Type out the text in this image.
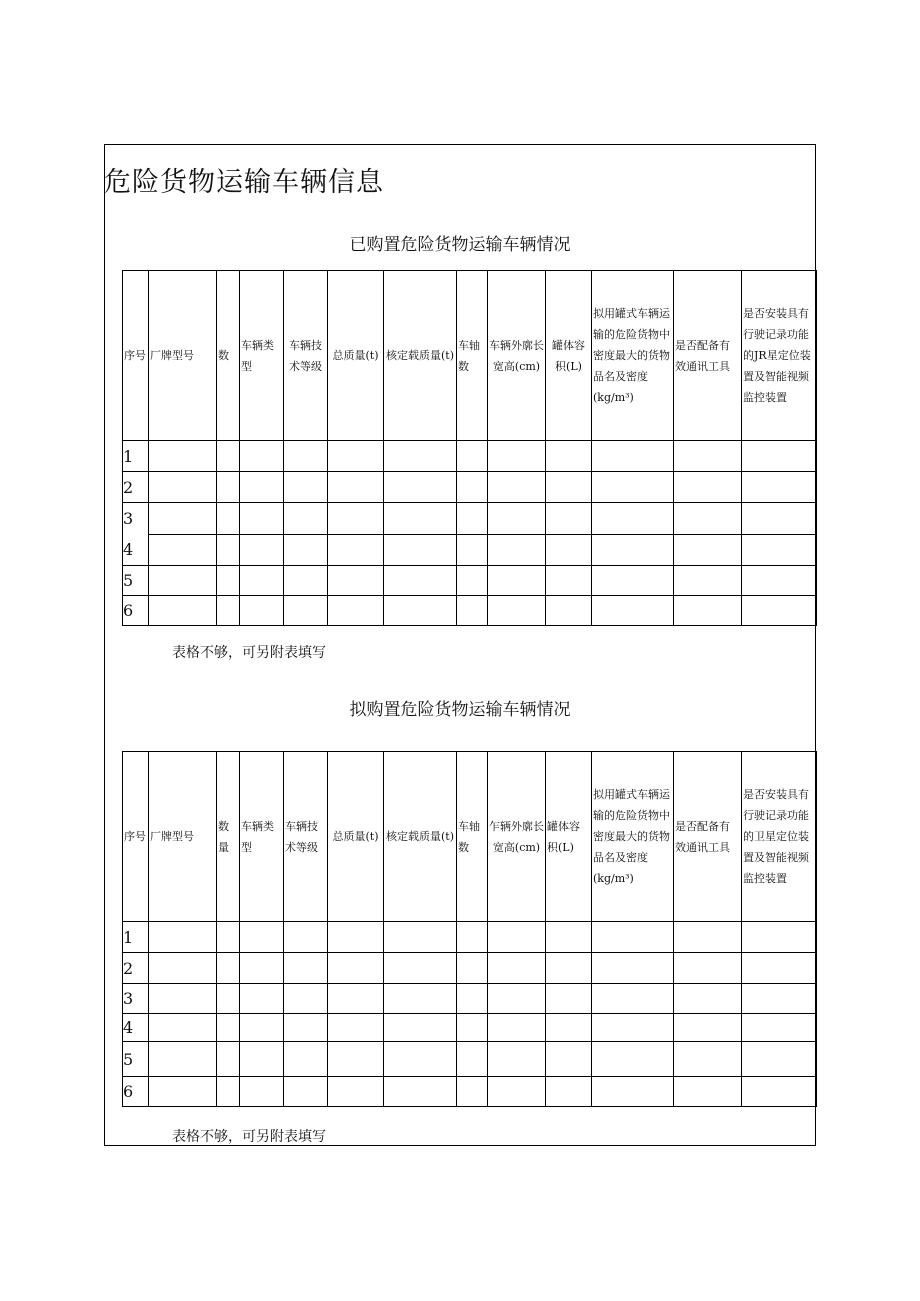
危险货物运输车辆信息
已购置危险货物运输车辆情况
序号	厂牌型号	数	车辆类型	车辆技术等级	总质量(t)	核定载质量(t)	车轴数	车辆外廓长宽高(cm)	罐体容积(L)	拟用罐式车辆运输的危险货物中密度最大的货物品名及密度(kg/m³)	是否配备有效通讯工具	是否安装具有行驶记录功能的JR星定位装置及智能视频监控装置

1												
2												

3
4												

5												
6												
表格不够，可另附表填写
拟购置危险货物运输车辆情况
序号	厂牌型号	数量	车辆类型	车辆技术等级	总质量(t)	核定载质量(t)	车轴数	乍辆外廓长宽高(cm)	罐体容积(L)	拟用罐式车辆运输的危险货物中密度最大的货物品名及密度(kg/m³)	是否配备有效通讯工具	是否安装具有行驶记录功能的卫星定位装置及智能视频监控装置

1												
2												
3												
4												
5												
6												
表格不够，可另附表填写
